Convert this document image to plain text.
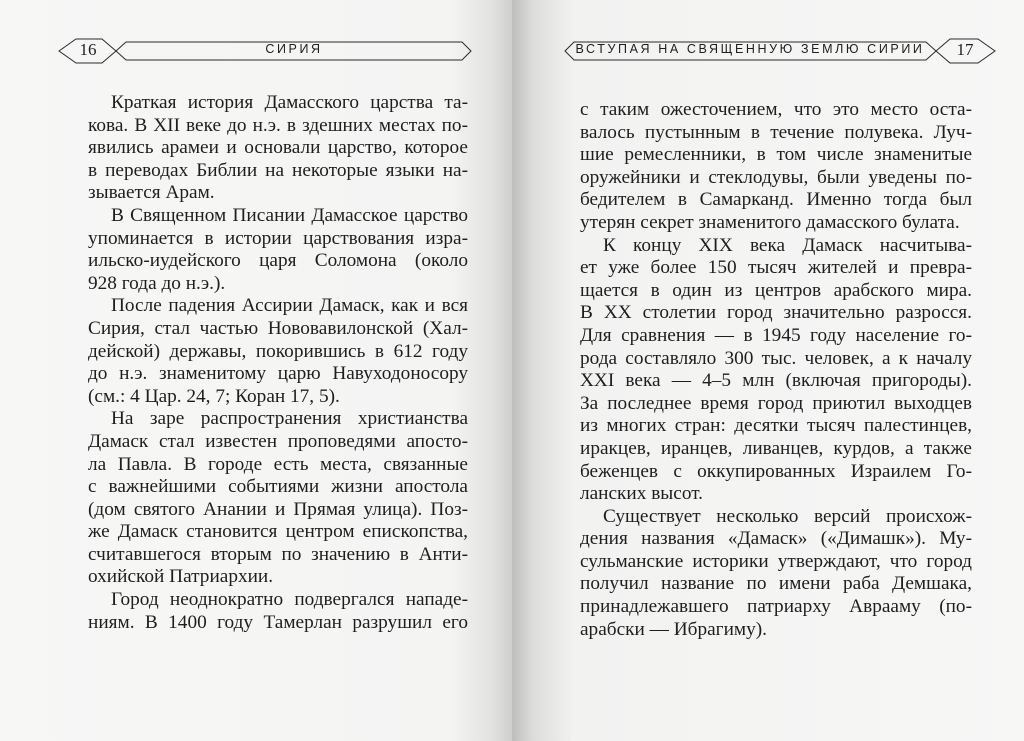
16	СИРИЯ
Краткая история Дамасского царства та-
кова. В XII веке до н.э. в здешних местах по-
явились арамеи и основали царство, которое
в переводах Библии на некоторые языки на-
зывается Арам.
В Священном Писании Дамасское царство
упоминается в истории царствования изра-
ильско-иудейского царя Соломона (около
928 года до н.э.).
После падения Ассирии Дамаск, как и вся
Сирия, стал частью Нововавилонской (Хал-
дейской) державы, покорившись в 612 году
до н.э. знаменитому царю Навуходоносору
(см.: 4 Цар. 24, 7; Коран 17, 5).
На заре распространения христианства
Дамаск стал известен проповедями апосто-
ла Павла. В городе есть места, связанные
с важнейшими событиями жизни апостола
(дом святого Анании и Прямая улица). Поз-
же Дамаск становится центром епископства,
считавшегося вторым по значению в Анти-
охийской Патриархии.
Город неоднократно подвергался нападе-
ниям. В 1400 году Тамерлан разрушил его
ВСТУПАЯ НА СВЯЩЕННУЮ ЗЕМЛЮ СИРИИ	17
с таким ожесточением, что это место оста-
валось пустынным в течение полувека. Луч-
шие ремесленники, в том числе знаменитые
оружейники и стеклодувы, были уведены по-
бедителем в Самарканд. Именно тогда был
утерян секрет знаменитого дамасского булата.
К концу XIX века Дамаск насчитыва-
ет уже более 150 тысяч жителей и превра-
щается в один из центров арабского мира.
В XX столетии город значительно разросся.
Для сравнения — в 1945 году население го-
рода составляло 300 тыс. человек, а к началу
XXI века — 4–5 млн (включая пригороды).
За последнее время город приютил выходцев
из многих стран: десятки тысяч палестинцев,
иракцев, иранцев, ливанцев, курдов, а также
беженцев с оккупированных Израилем Го-
ланских высот.
Существует несколько версий происхож-
дения названия «Дамаск» («Димашк»). Му-
сульманские историки утверждают, что город
получил название по имени раба Демшака,
принадлежавшего патриарху Аврааму (по-
арабски — Ибрагиму).
